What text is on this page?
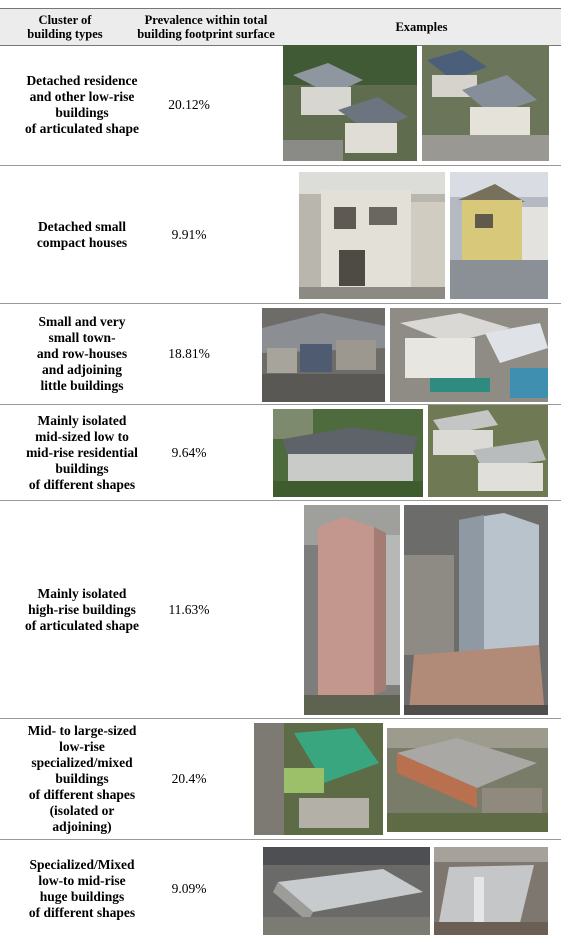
Cluster of
building types
Prevalence within total
building footprint surface	Examples
Detached residence
and other low-rise
buildings
of articulated shape
20.12%
Detached small
compact houses
9.91%
Small and very
small town-
and row-houses
and adjoining
little buildings
18.81%
Mainly isolated
mid-sized low to
mid-rise residential
buildings
of different shapes
9.64%
Mainly isolated
high-rise buildings
of articulated shape
11.63%
Mid- to large-sized
low-rise
specialized/mixed
buildings
of different shapes
(isolated or
adjoining)
20.4%
Specialized/Mixed
low-to mid-rise
huge buildings
of different shapes
9.09%
